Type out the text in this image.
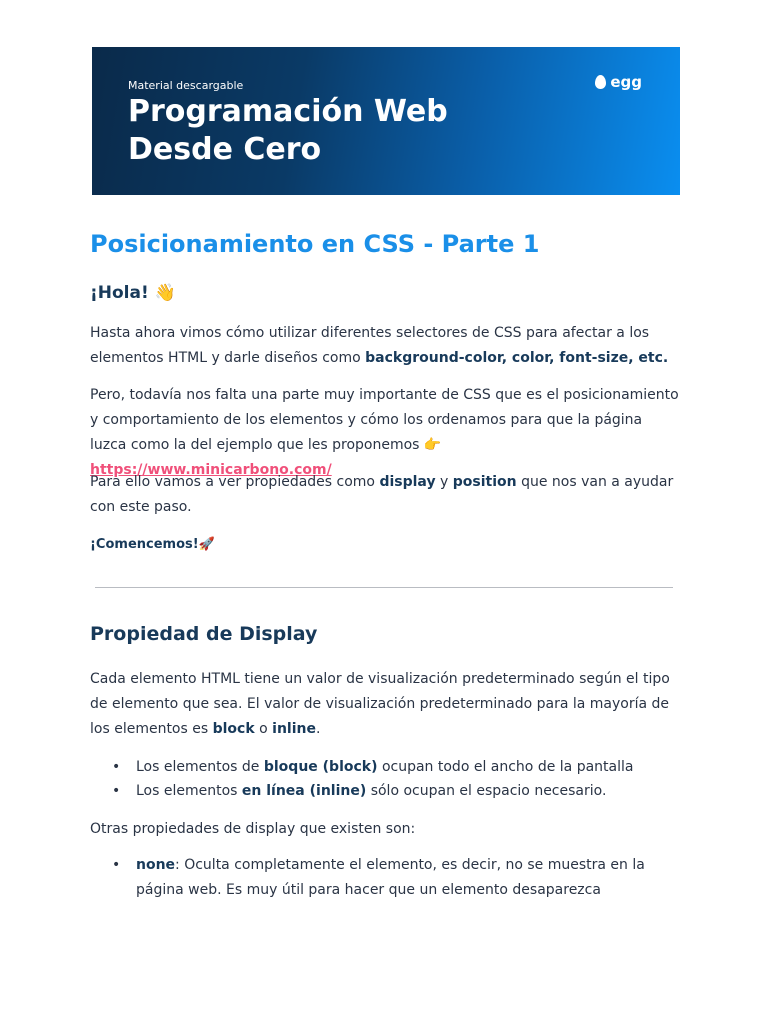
Material descargable
Programación Web
Desde Cero
egg
Posicionamiento en CSS - Parte 1
¡Hola! 👋

Hasta ahora vimos cómo utilizar diferentes selectores de CSS para afectar a los elementos HTML y darle diseños como background-color, color, font-size, etc.

Pero, todavía nos falta una parte muy importante de CSS que es el posicionamiento y comportamiento de los elementos y cómo los ordenamos para que la página luzca como la del ejemplo que les proponemos 👉https://www.minicarbono.com/

Para ello vamos a ver propiedades como display y position que nos van a ayudar con este paso.

¡Comencemos!🚀

Propiedad de Display

Cada elemento HTML tiene un valor de visualización predeterminado según el tipo de elemento que sea. El valor de visualización predeterminado para la mayoría de los elementos es block o inline.

• Los elementos de bloque (block) ocupan todo el ancho de la pantalla
• Los elementos en línea (inline) sólo ocupan el espacio necesario.

Otras propiedades de display que existen son:

• none: Oculta completamente el elemento, es decir, no se muestra en la página web. Es muy útil para hacer que un elemento desaparezca
